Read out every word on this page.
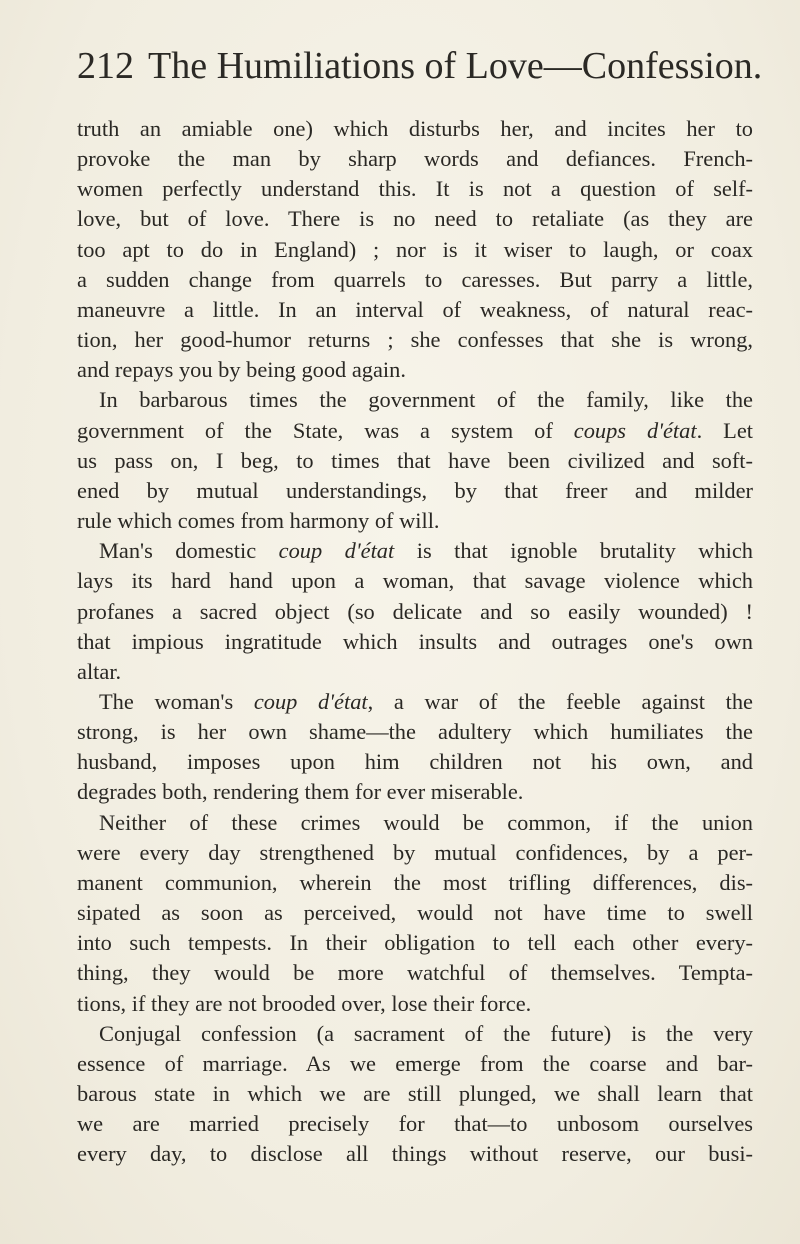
212 The Humiliations of Love—Confession.
truth an amiable one) which disturbs her, and incites her to
provoke the man by sharp words and defiances. French-
women perfectly understand this. It is not a question of self-
love, but of love. There is no need to retaliate (as they are
too apt to do in England) ; nor is it wiser to laugh, or coax
a sudden change from quarrels to caresses. But parry a little,
maneuvre a little. In an interval of weakness, of natural reac-
tion, her good-humor returns ; she confesses that she is wrong,
and repays you by being good again.
In barbarous times the government of the family, like the
government of the State, was a system of coups d'état. Let
us pass on, I beg, to times that have been civilized and soft-
ened by mutual understandings, by that freer and milder
rule which comes from harmony of will.
Man's domestic coup d'état is that ignoble brutality which
lays its hard hand upon a woman, that savage violence which
profanes a sacred object (so delicate and so easily wounded) !
that impious ingratitude which insults and outrages one's own
altar.
The woman's coup d'état, a war of the feeble against the
strong, is her own shame—the adultery which humiliates the
husband, imposes upon him children not his own, and
degrades both, rendering them for ever miserable.
Neither of these crimes would be common, if the union
were every day strengthened by mutual confidences, by a per-
manent communion, wherein the most trifling differences, dis-
sipated as soon as perceived, would not have time to swell
into such tempests. In their obligation to tell each other every-
thing, they would be more watchful of themselves. Tempta-
tions, if they are not brooded over, lose their force.
Conjugal confession (a sacrament of the future) is the very
essence of marriage. As we emerge from the coarse and bar-
barous state in which we are still plunged, we shall learn that
we are married precisely for that—to unbosom ourselves
every day, to disclose all things without reserve, our busi-
